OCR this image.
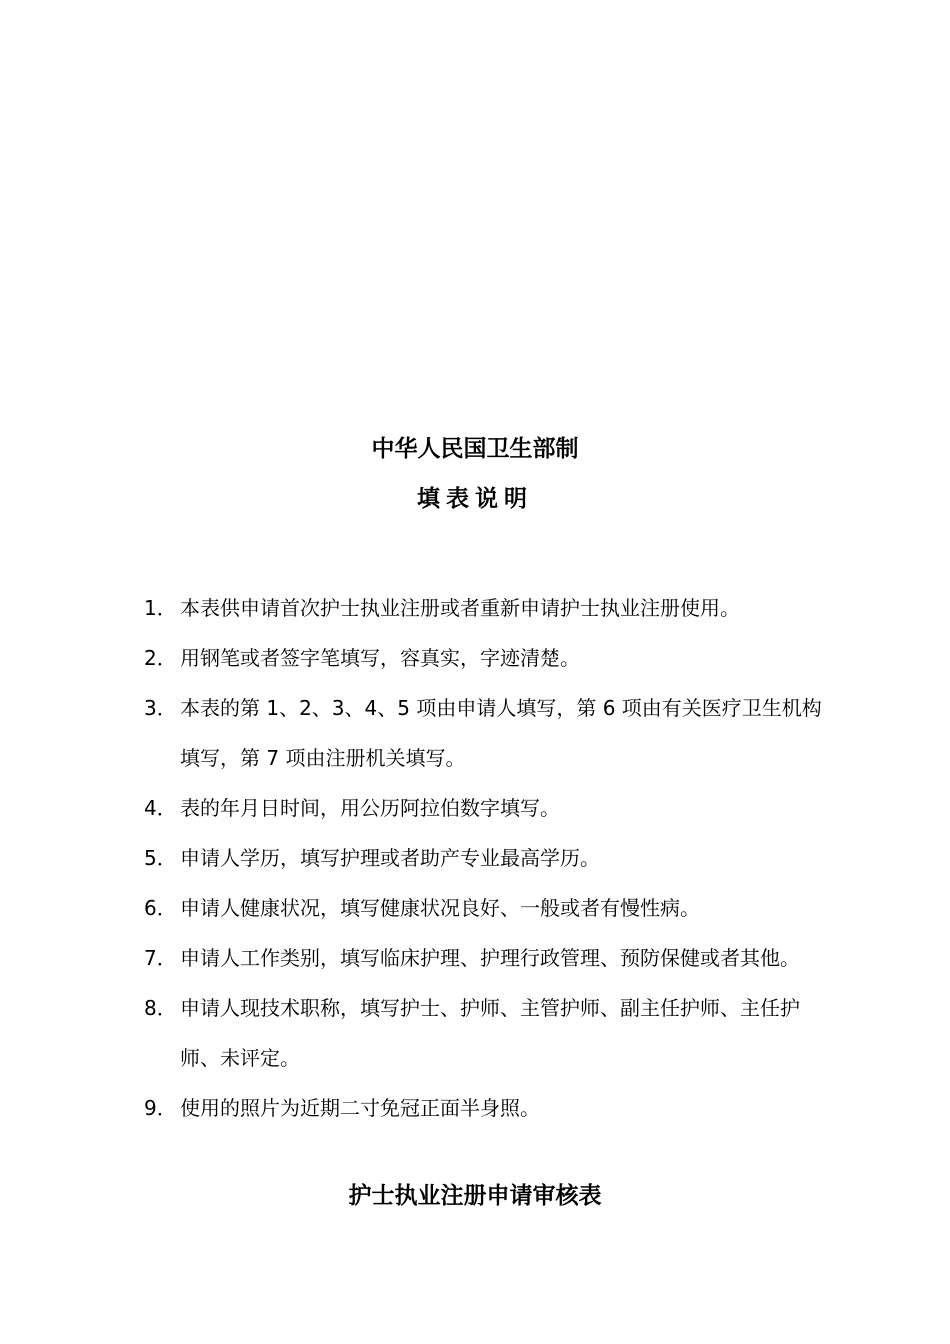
中华人民国卫生部制
填表说明
1． 本表供申请首次护士执业注册或者重新申请护士执业注册使用。
2． 用钢笔或者签字笔填写，容真实，字迹清楚。
3． 本表的第 1、2、3、4、5 项由申请人填写，第 6 项由有关医疗卫生机构填写，第 7 项由注册机关填写。
4． 表的年月日时间，用公历阿拉伯数字填写。
5． 申请人学历，填写护理或者助产专业最高学历。
6． 申请人健康状况，填写健康状况良好、一般或者有慢性病。
7． 申请人工作类别，填写临床护理、护理行政管理、预防保健或者其他。
8． 申请人现技术职称，填写护士、护师、主管护师、副主任护师、主任护师、未评定。
9． 使用的照片为近期二寸免冠正面半身照。
护士执业注册申请审核表
